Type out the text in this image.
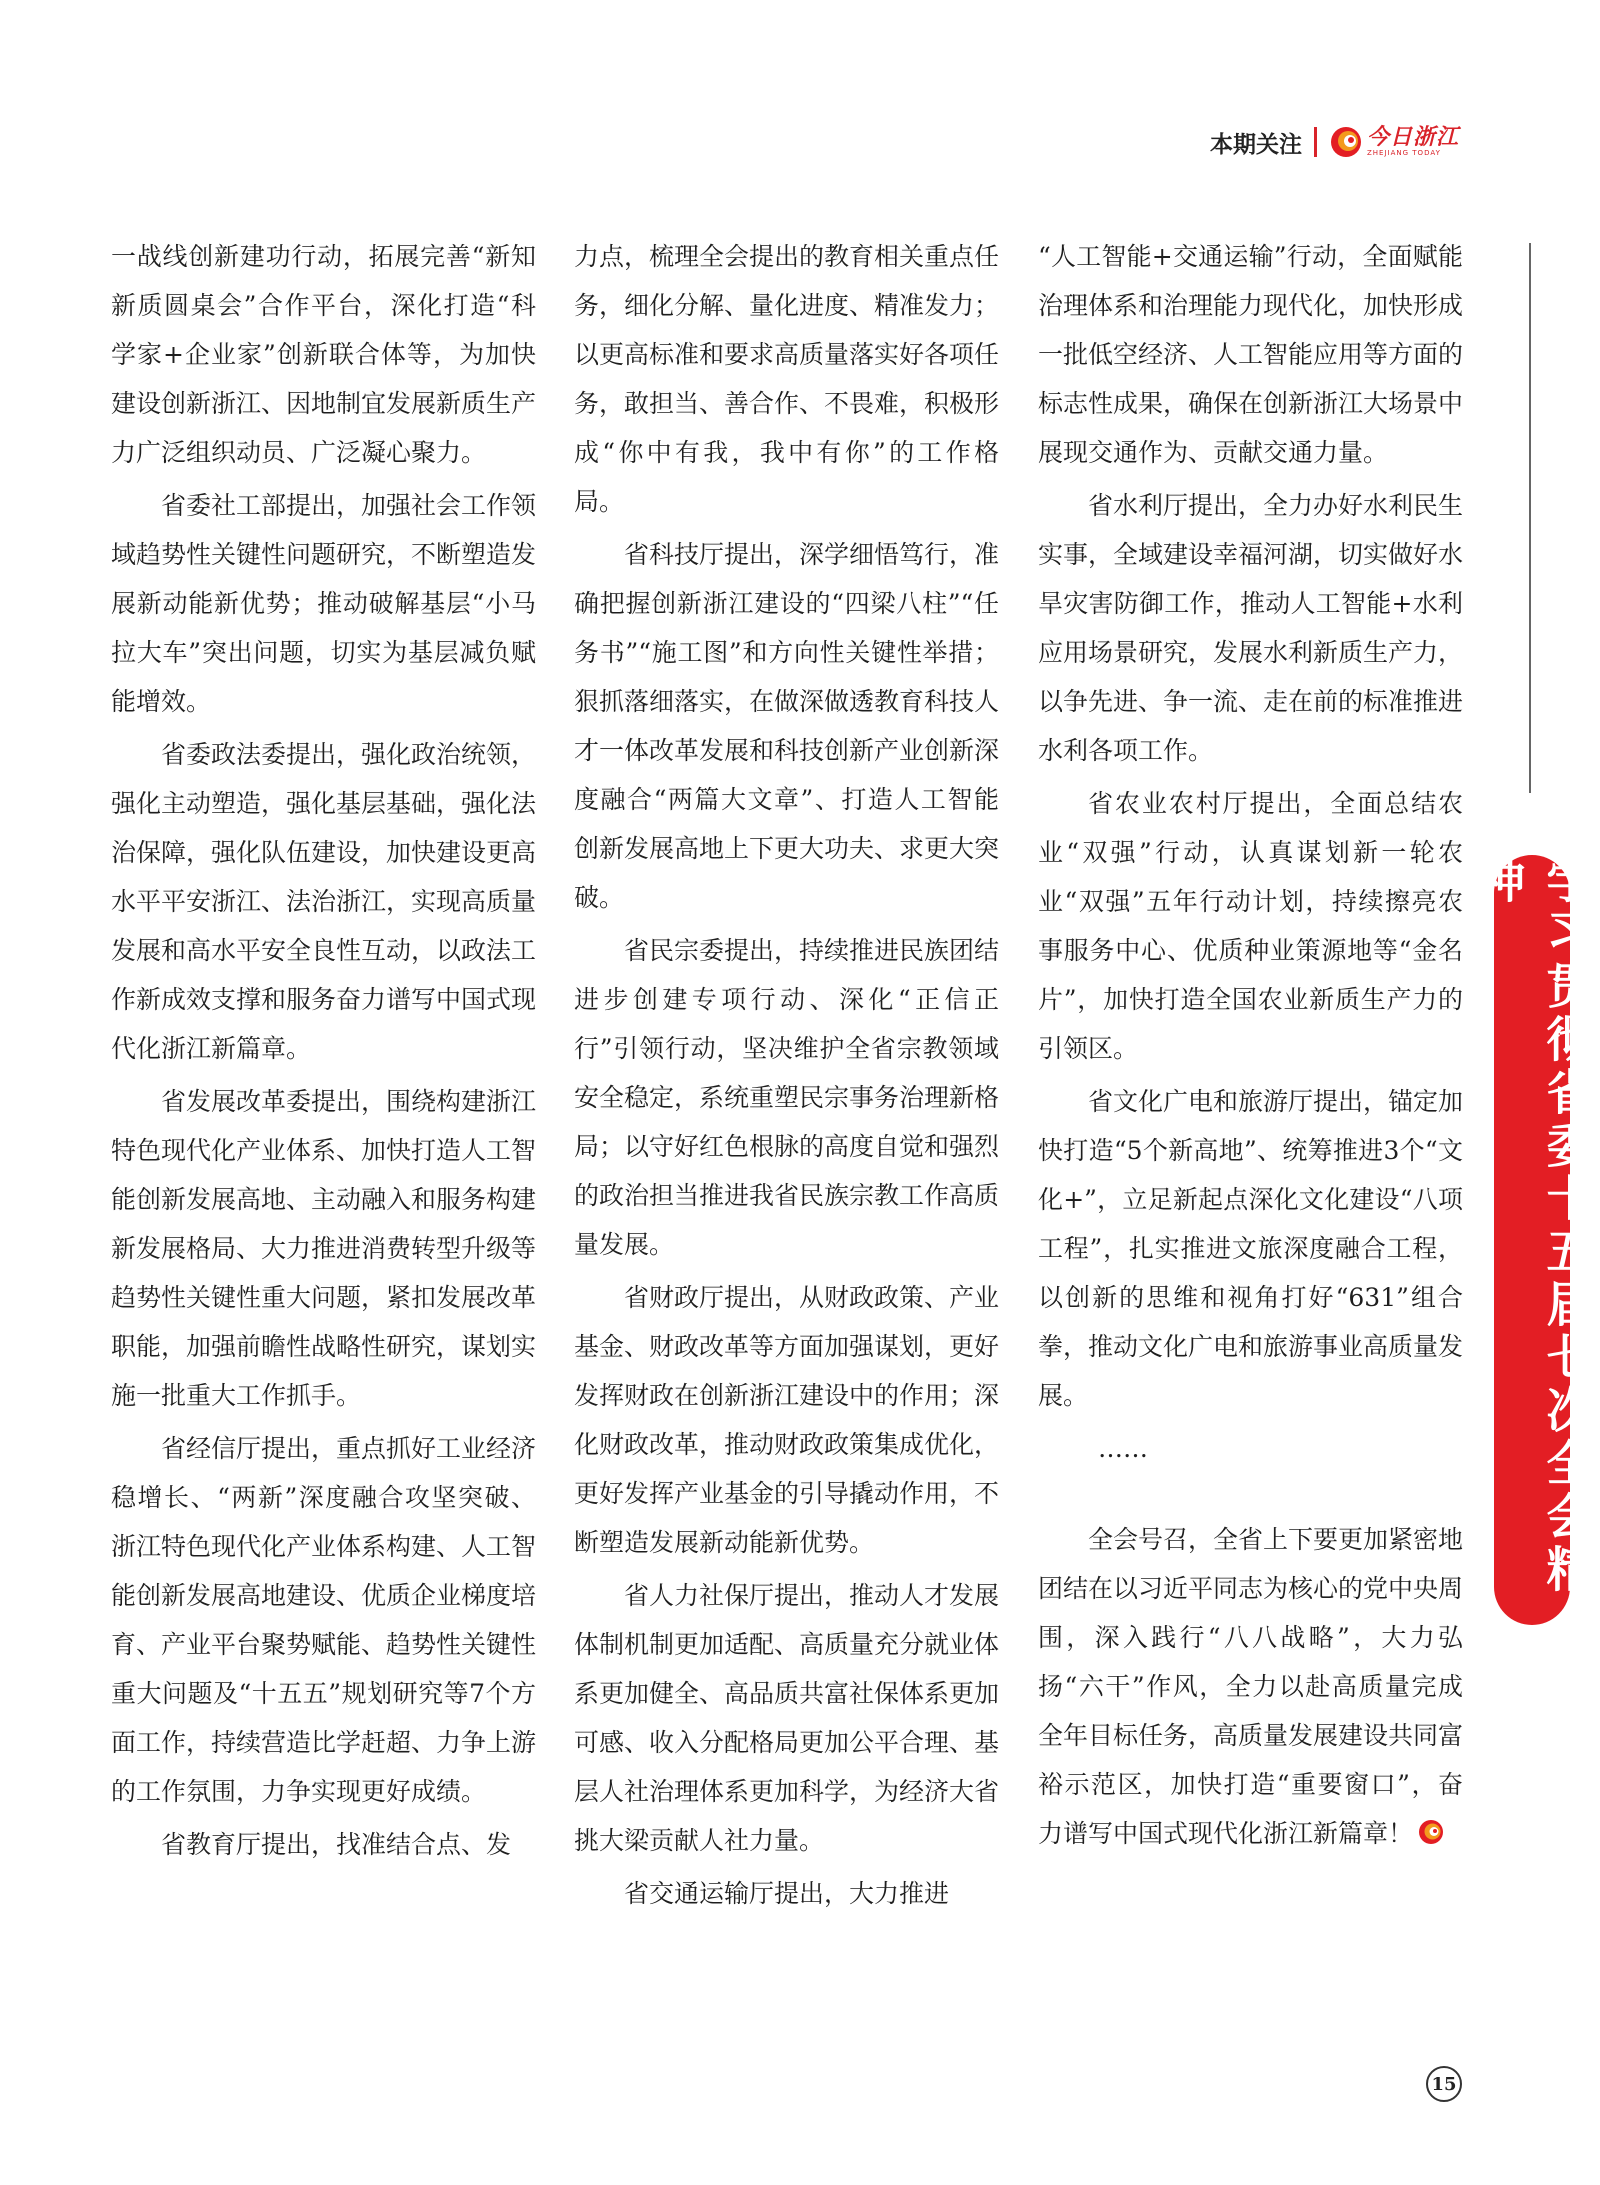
本期关注	今日浙江
ZHEJIANG TODAY

一战线创新建功行动，拓展完善“新知新质圆桌会”合作平台，深化打造“科学家+企业家”创新联合体等，为加快建设创新浙江、因地制宜发展新质生产力广泛组织动员、广泛凝心聚力。

省委社工部提出，加强社会工作领域趋势性关键性问题研究，不断塑造发展新动能新优势；推动破解基层“小马拉大车”突出问题，切实为基层减负赋能增效。

省委政法委提出，强化政治统领，强化主动塑造，强化基层基础，强化法治保障，强化队伍建设，加快建设更高水平平安浙江、法治浙江，实现高质量发展和高水平安全良性互动，以政法工作新成效支撑和服务奋力谱写中国式现代化浙江新篇章。

省发展改革委提出，围绕构建浙江特色现代化产业体系、加快打造人工智能创新发展高地、主动融入和服务构建新发展格局、大力推进消费转型升级等趋势性关键性重大问题，紧扣发展改革职能，加强前瞻性战略性研究，谋划实施一批重大工作抓手。

省经信厅提出，重点抓好工业经济稳增长、“两新”深度融合攻坚突破、浙江特色现代化产业体系构建、人工智能创新发展高地建设、优质企业梯度培育、产业平台聚势赋能、趋势性关键性重大问题及“十五五”规划研究等7个方面工作，持续营造比学赶超、力争上游的工作氛围，力争实现更好成绩。

省教育厅提出，找准结合点、发

力点，梳理全会提出的教育相关重点任务，细化分解、量化进度、精准发力；以更高标准和要求高质量落实好各项任务，敢担当、善合作、不畏难，积极形成“你中有我，我中有你”的工作格局。

省科技厅提出，深学细悟笃行，准确把握创新浙江建设的“四梁八柱”“任务书”“施工图”和方向性关键性举措；狠抓落细落实，在做深做透教育科技人才一体改革发展和科技创新产业创新深度融合“两篇大文章”、打造人工智能创新发展高地上下更大功夫、求更大突破。

省民宗委提出，持续推进民族团结进步创建专项行动、深化“正信正行”引领行动，坚决维护全省宗教领域安全稳定，系统重塑民宗事务治理新格局；以守好红色根脉的高度自觉和强烈的政治担当推进我省民族宗教工作高质量发展。

省财政厅提出，从财政政策、产业基金、财政改革等方面加强谋划，更好发挥财政在创新浙江建设中的作用；深化财政改革，推动财政政策集成优化，更好发挥产业基金的引导撬动作用，不断塑造发展新动能新优势。

省人力社保厅提出，推动人才发展体制机制更加适配、高质量充分就业体系更加健全、高品质共富社保体系更加可感、收入分配格局更加公平合理、基层人社治理体系更加科学，为经济大省挑大梁贡献人社力量。

省交通运输厅提出，大力推进

“人工智能+交通运输”行动，全面赋能治理体系和治理能力现代化，加快形成一批低空经济、人工智能应用等方面的标志性成果，确保在创新浙江大场景中展现交通作为、贡献交通力量。

省水利厅提出，全力办好水利民生实事，全域建设幸福河湖，切实做好水旱灾害防御工作，推动人工智能+水利应用场景研究，发展水利新质生产力，以争先进、争一流、走在前的标准推进水利各项工作。

省农业农村厅提出，全面总结农业“双强”行动，认真谋划新一轮农业“双强”五年行动计划，持续擦亮农事服务中心、优质种业策源地等“金名片”，加快打造全国农业新质生产力的引领区。

省文化广电和旅游厅提出，锚定加快打造“5个新高地”、统筹推进3个“文化+”，立足新起点深化文化建设“八项工程”，扎实推进文旅深度融合工程，以创新的思维和视角打好“631”组合拳，推动文化广电和旅游事业高质量发展。

……

全会号召，全省上下要更加紧密地团结在以习近平同志为核心的党中央周围，深入践行“八八战略”，大力弘扬“六干”作风，全力以赴高质量完成全年目标任务，高质量发展建设共同富裕示范区，加快打造“重要窗口”，奋力谱写中国式现代化浙江新篇章！

学习贯彻省委十五届七次全会精神
15
